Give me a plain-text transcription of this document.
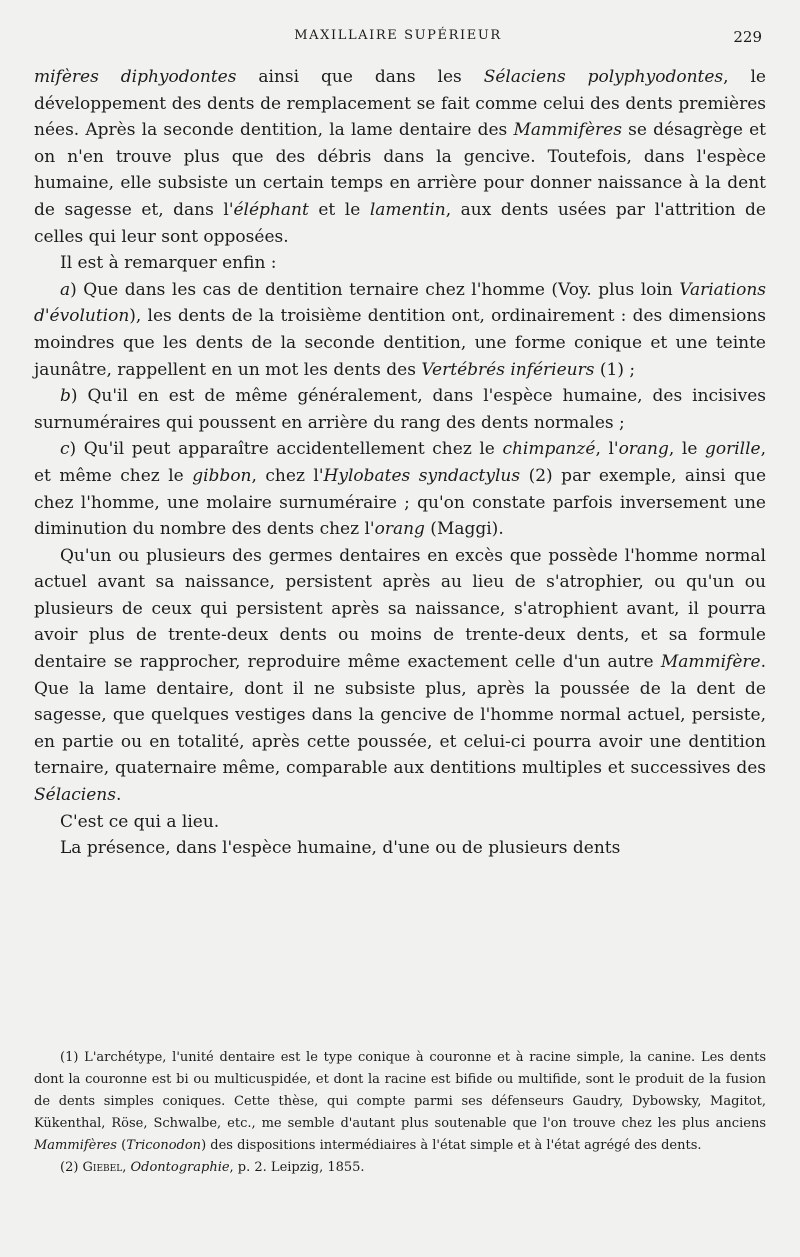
MAXILLAIRE SUPÉRIEUR	229

mifères diphyodontes ainsi que dans les Sélaciens polyphyodontes, le développement des dents de remplacement se fait comme celui des dents premières nées. Après la seconde dentition, la lame dentaire des Mammifères se désagrège et on n'en trouve plus que des débris dans la gencive. Toutefois, dans l'espèce humaine, elle subsiste un certain temps en arrière pour donner naissance à la dent de sagesse et, dans l'éléphant et le lamentin, aux dents usées par l'attrition de celles qui leur sont opposées.

Il est à remarquer enfin :

a) Que dans les cas de dentition ternaire chez l'homme (Voy. plus loin Variations d'évolution), les dents de la troisième dentition ont, ordinairement : des dimensions moindres que les dents de la seconde dentition, une forme conique et une teinte jaunâtre, rappellent en un mot les dents des Vertébrés inférieurs (1) ;

b) Qu'il en est de même généralement, dans l'espèce humaine, des incisives surnuméraires qui poussent en arrière du rang des dents normales ;

c) Qu'il peut apparaître accidentellement chez le chimpanzé, l'orang, le gorille, et même chez le gibbon, chez l'Hylobates syndactylus (2) par exemple, ainsi que chez l'homme, une molaire surnuméraire ; qu'on constate parfois inversement une diminution du nombre des dents chez l'orang (Maggi).

Qu'un ou plusieurs des germes dentaires en excès que possède l'homme normal actuel avant sa naissance, persistent après au lieu de s'atrophier, ou qu'un ou plusieurs de ceux qui persistent après sa naissance, s'atrophient avant, il pourra avoir plus de trente-deux dents ou moins de trente-deux dents, et sa formule dentaire se rapprocher, reproduire même exactement celle d'un autre Mammifère. Que la lame dentaire, dont il ne subsiste plus, après la poussée de la dent de sagesse, que quelques vestiges dans la gencive de l'homme normal actuel, persiste, en partie ou en totalité, après cette poussée, et celui-ci pourra avoir une dentition ternaire, quaternaire même, comparable aux dentitions multiples et successives des Sélaciens.

C'est ce qui a lieu.

La présence, dans l'espèce humaine, d'une ou de plusieurs dents

(1) L'archétype, l'unité dentaire est le type conique à couronne et à racine simple, la canine. Les dents dont la couronne est bi ou multicuspidée, et dont la racine est bifide ou multifide, sont le produit de la fusion de dents simples coniques. Cette thèse, qui compte parmi ses défenseurs Gaudry, Dybowsky, Magitot, Kükenthal, Röse, Schwalbe, etc., me semble d'autant plus soutenable que l'on trouve chez les plus anciens Mammifères (Triconodon) des dispositions intermédiaires à l'état simple et à l'état agrégé des dents.

(2) Giebel, Odontographie, p. 2. Leipzig, 1855.
